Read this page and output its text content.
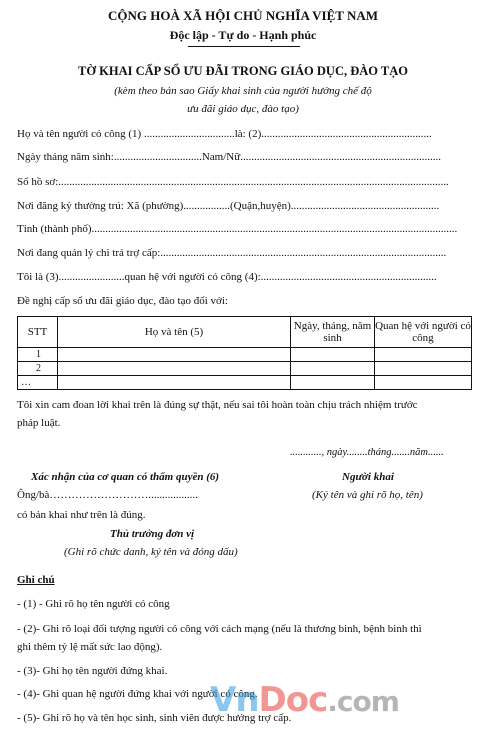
CỘNG HOÀ XÃ HỘI CHỦ NGHĨA VIỆT NAM
Độc lập - Tự do - Hạnh phúc
TỜ KHAI CẤP SỔ ƯU ĐÃI TRONG GIÁO DỤC, ĐÀO TẠO
(kèm theo bản sao Giấy khai sinh của người hưởng chế độ
ưu đãi giáo dục, đào tạo)
Họ và tên người có công (1) .................................là: (2)..............................................................
Ngày tháng năm sinh:................................Nam/Nữ.........................................................................
Số hồ sơ:..............................................................................................................................................
Nơi đăng ký thường trú: Xã (phường).................(Quận,huyện)......................................................
Tỉnh (thành phố).....................................................................................................................................
Nơi đang quản lý chi trả trợ cấp:........................................................................................................
Tôi là (3)........................quan hệ với người có công (4):................................................................
Đề nghị cấp sổ ưu đãi giáo dục, đào tạo đối với:
STT	Họ và tên (5)	Ngày, tháng, năm sinh	Quan hệ với người có công
1			
2			
…			
Tôi xin cam đoan lời khai trên là đúng sự thật, nếu sai tôi hoàn toàn chịu trách nhiệm trước
pháp luật.
............, ngày........tháng.......năm......
Xác nhận của cơ quan có thẩm quyền (6)	Người khai
Ông/bà………………………..................	(Ký tên và ghi rõ họ, tên)
có bản khai như trên là đúng.
Thủ trưởng đơn vị
(Ghi rõ chức danh, ký tên và đóng dấu)
Ghi chú
- (1) - Ghi rõ họ tên người có công
- (2)- Ghi rõ loại đối tượng người có công với cách mạng (nếu là thương binh, bệnh binh thì
ghi thêm tỷ lệ mất sức lao động).
- (3)- Ghi họ tên người đứng khai.
- (4)- Ghi quan hệ người đứng khai với người có công.
- (5)- Ghi rõ họ và tên học sinh, sinh viên được hưởng trợ cấp.
VnDoc.com
